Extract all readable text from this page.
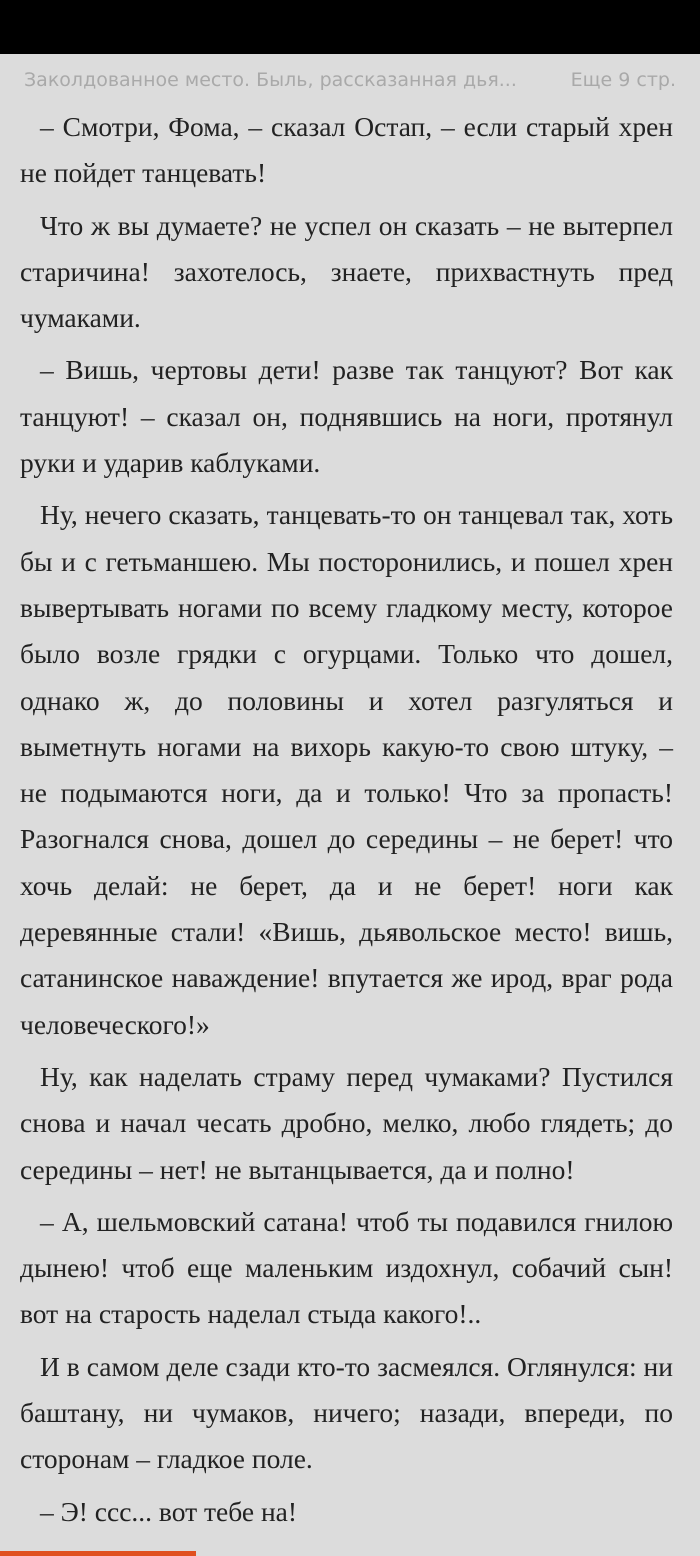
Заколдованное место. Быль, рассказанная дья...	Еще 9 стр.

– Смотри, Фома, – сказал Остап, – если старый хрен не пойдет танцевать!

Что ж вы думаете? не успел он сказать – не вытерпел старичина! захотелось, знаете, прихвастнуть пред чумаками.

– Вишь, чертовы дети! разве так танцуют? Вот как танцуют! – сказал он, поднявшись на ноги, протянул руки и ударив каблуками.

Ну, нечего сказать, танцевать-то он танцевал так, хоть бы и с гетьманшею. Мы посторонились, и пошел хрен вывертывать ногами по всему гладкому месту, которое было возле грядки с огурцами. Только что дошел, однако ж, до половины и хотел разгуляться и выметнуть ногами на вихорь какую-то свою штуку, – не подымаются ноги, да и только! Что за пропасть! Разогнался снова, дошел до середины – не берет! что хочь делай: не берет, да и не берет! ноги как деревянные стали! «Вишь, дьявольское место! вишь, сатанинское наваждение! впутается же ирод, враг рода человеческого!»

Ну, как наделать страму перед чумаками? Пустился снова и начал чесать дробно, мелко, любо глядеть; до середины – нет! не вытанцывается, да и полно!

– А, шельмовский сатана! чтоб ты подавился гнилою дынею! чтоб еще маленьким издохнул, собачий сын! вот на старость наделал стыда какого!..

И в самом деле сзади кто-то засмеялся. Оглянулся: ни баштану, ни чумаков, ничего; назади, впереди, по сторонам – гладкое поле.

– Э! ссс... вот тебе на!
